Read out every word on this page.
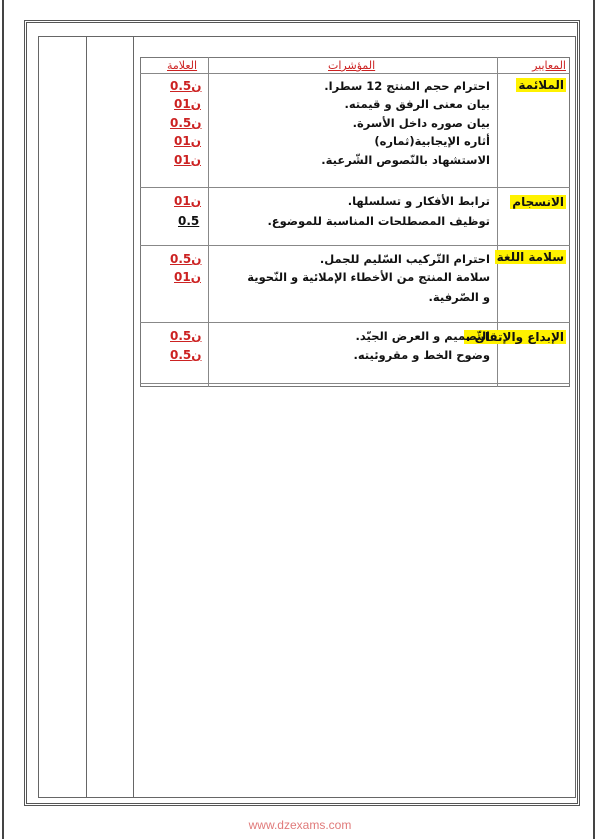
المعايير
المؤشرات
العلامة
الملائمة
احترام حجم المنتج 12 سطرا.
بيان معنى الرفق و قيمته.
بيان صوره داخل الأسرة.
أثاره الإيجابية(ثماره)
الاستشهاد بالنّصوص الشّرعية.
0.5ن
01ن
0.5ن
01ن
01ن
الانسجام
ترابط الأفكار و تسلسلها.
توظيف المصطلحات المناسبة للموضوع.
01ن
0.5
سلامة اللغة
احترام التّركيب السّليم للجمل.
سلامة المنتج من الأخطاء الإملائية و النّحوية
و الصّرفية.
0.5ن
01ن
الإبداع والإتقان .
التّصميم و العرض الجيّد.
وضوح الخط و مقروئيته.
0.5ن
0.5ن
www.dzexams.com
